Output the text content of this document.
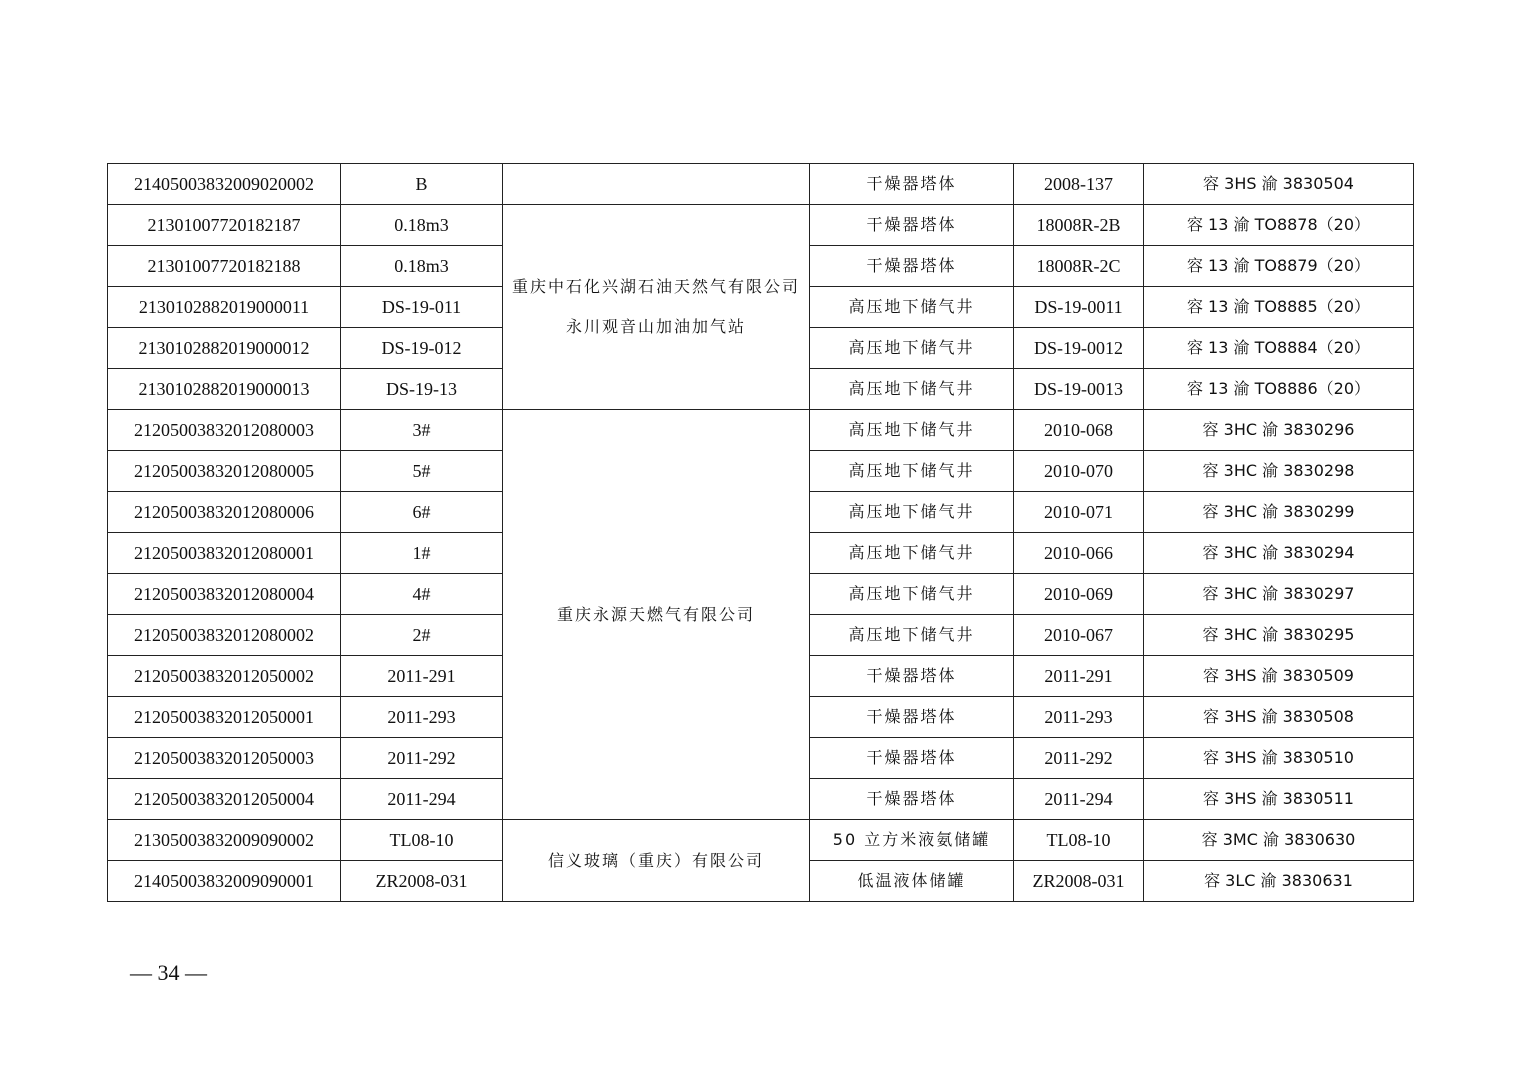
21405003832009020002	B		干燥器塔体	2008-137	容 3HS 渝 3830504
21301007720182187	0.18m3	重庆中石化兴湖石油天然气有限公司永川观音山加油加气站	干燥器塔体	18008R-2B	容 13 渝 TO8878（20）
21301007720182188	0.18m3		干燥器塔体	18008R-2C	容 13 渝 TO8879（20）
2130102882019000011	DS-19-011		高压地下储气井	DS-19-0011	容 13 渝 TO8885（20）
2130102882019000012	DS-19-012		高压地下储气井	DS-19-0012	容 13 渝 TO8884（20）
2130102882019000013	DS-19-13		高压地下储气井	DS-19-0013	容 13 渝 TO8886（20）
21205003832012080003	3#	重庆永源天燃气有限公司	高压地下储气井	2010-068	容 3HC 渝 3830296
21205003832012080005	5#		高压地下储气井	2010-070	容 3HC 渝 3830298
21205003832012080006	6#		高压地下储气井	2010-071	容 3HC 渝 3830299
21205003832012080001	1#		高压地下储气井	2010-066	容 3HC 渝 3830294
21205003832012080004	4#		高压地下储气井	2010-069	容 3HC 渝 3830297
21205003832012080002	2#		高压地下储气井	2010-067	容 3HC 渝 3830295
21205003832012050002	2011-291		干燥器塔体	2011-291	容 3HS 渝 3830509
21205003832012050001	2011-293		干燥器塔体	2011-293	容 3HS 渝 3830508
21205003832012050003	2011-292		干燥器塔体	2011-292	容 3HS 渝 3830510
21205003832012050004	2011-294		干燥器塔体	2011-294	容 3HS 渝 3830511
21305003832009090002	TL08-10	信义玻璃（重庆）有限公司	50 立方米液氨储罐	TL08-10	容 3MC 渝 3830630
21405003832009090001	ZR2008-031		低温液体储罐	ZR2008-031	容 3LC 渝 3830631
— 34 —
